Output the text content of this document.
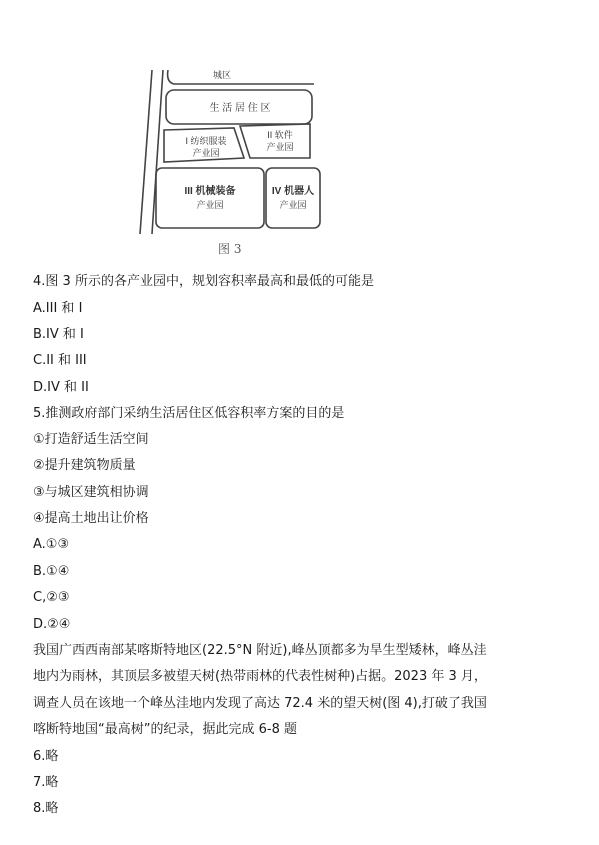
城区
生 活 居 住 区
I 纺织服装
产业园
II 软件
产业园
III 机械装备
产业园
IV 机器人
产业园
图 3
4.图 3 所示的各产业园中，规划容积率最高和最低的可能是
A.III 和 I
B.IV 和 I
C.II 和 III
D.IV 和 II
5.推测政府部门采纳生活居住区低容积率方案的目的是
①打造舒适生活空间
②提升建筑物质量
③与城区建筑相协调
④提高土地出让价格
A.①③
B.①④
C,②③
D.②④
我国广西西南部某喀斯特地区(22.5°N 附近),峰丛顶都多为旱生型矮林，峰丛洼
地内为雨林，其顶层多被望天树(热带雨林的代表性树种)占据。2023 年 3 月，
调查人员在该地一个峰丛洼地内发现了高达 72.4 米的望天树(图 4),打破了我国
喀断特地国“最高树”的纪录，据此完成 6-8 题
6.略
7.略
8.略
